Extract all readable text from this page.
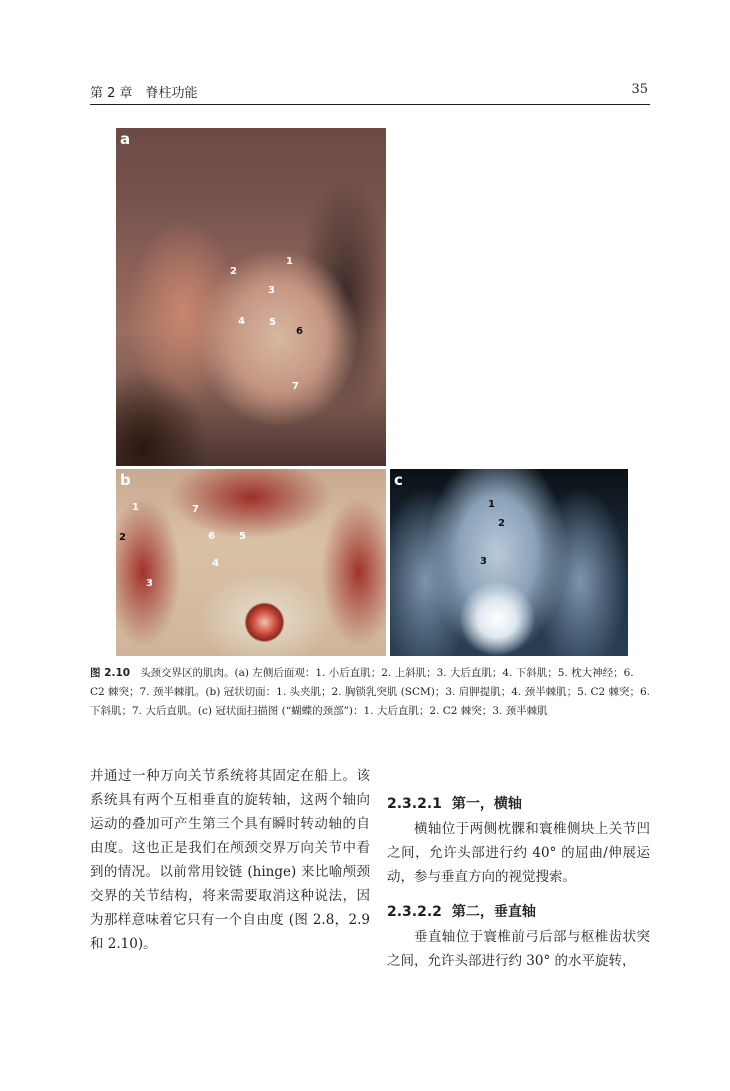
第 2 章　脊柱功能	35
a
1
2
3
4 5
6
7
b
1
2
3
4
5
6
7
c
1
2
3
图 2.10 头颈交界区的肌肉。(a) 左侧后面观：1. 小后直肌；2. 上斜肌；3. 大后直肌；4. 下斜肌；5. 枕大神经；6. C2 棘突；7. 颈半棘肌。(b) 冠状切面：1. 头夹肌；2. 胸锁乳突肌 (SCM)；3. 肩胛提肌；4. 颈半棘肌；5. C2 棘突；6. 下斜肌；7. 大后直肌。(c) 冠状面扫描图 (“蝴蝶的颈部”)：1. 大后直肌；2. C2 棘突；3. 颈半棘肌

并通过一种万向关节系统将其固定在船上。该系统具有两个互相垂直的旋转轴，这两个轴向运动的叠加可产生第三个具有瞬时转动轴的自由度。这也正是我们在颅颈交界万向关节中看到的情况。以前常用铰链 (hinge) 来比喻颅颈交界的关节结构，将来需要取消这种说法，因为那样意味着它只有一个自由度 (图 2.8，2.9 和 2.10)。

2.3.2.1 第一，横轴

横轴位于两侧枕髁和寰椎侧块上关节凹之间，允许头部进行约 40° 的屈曲/伸展运动，参与垂直方向的视觉搜索。

2.3.2.2 第二，垂直轴

垂直轴位于寰椎前弓后部与枢椎齿状突之间，允许头部进行约 30° 的水平旋转，
